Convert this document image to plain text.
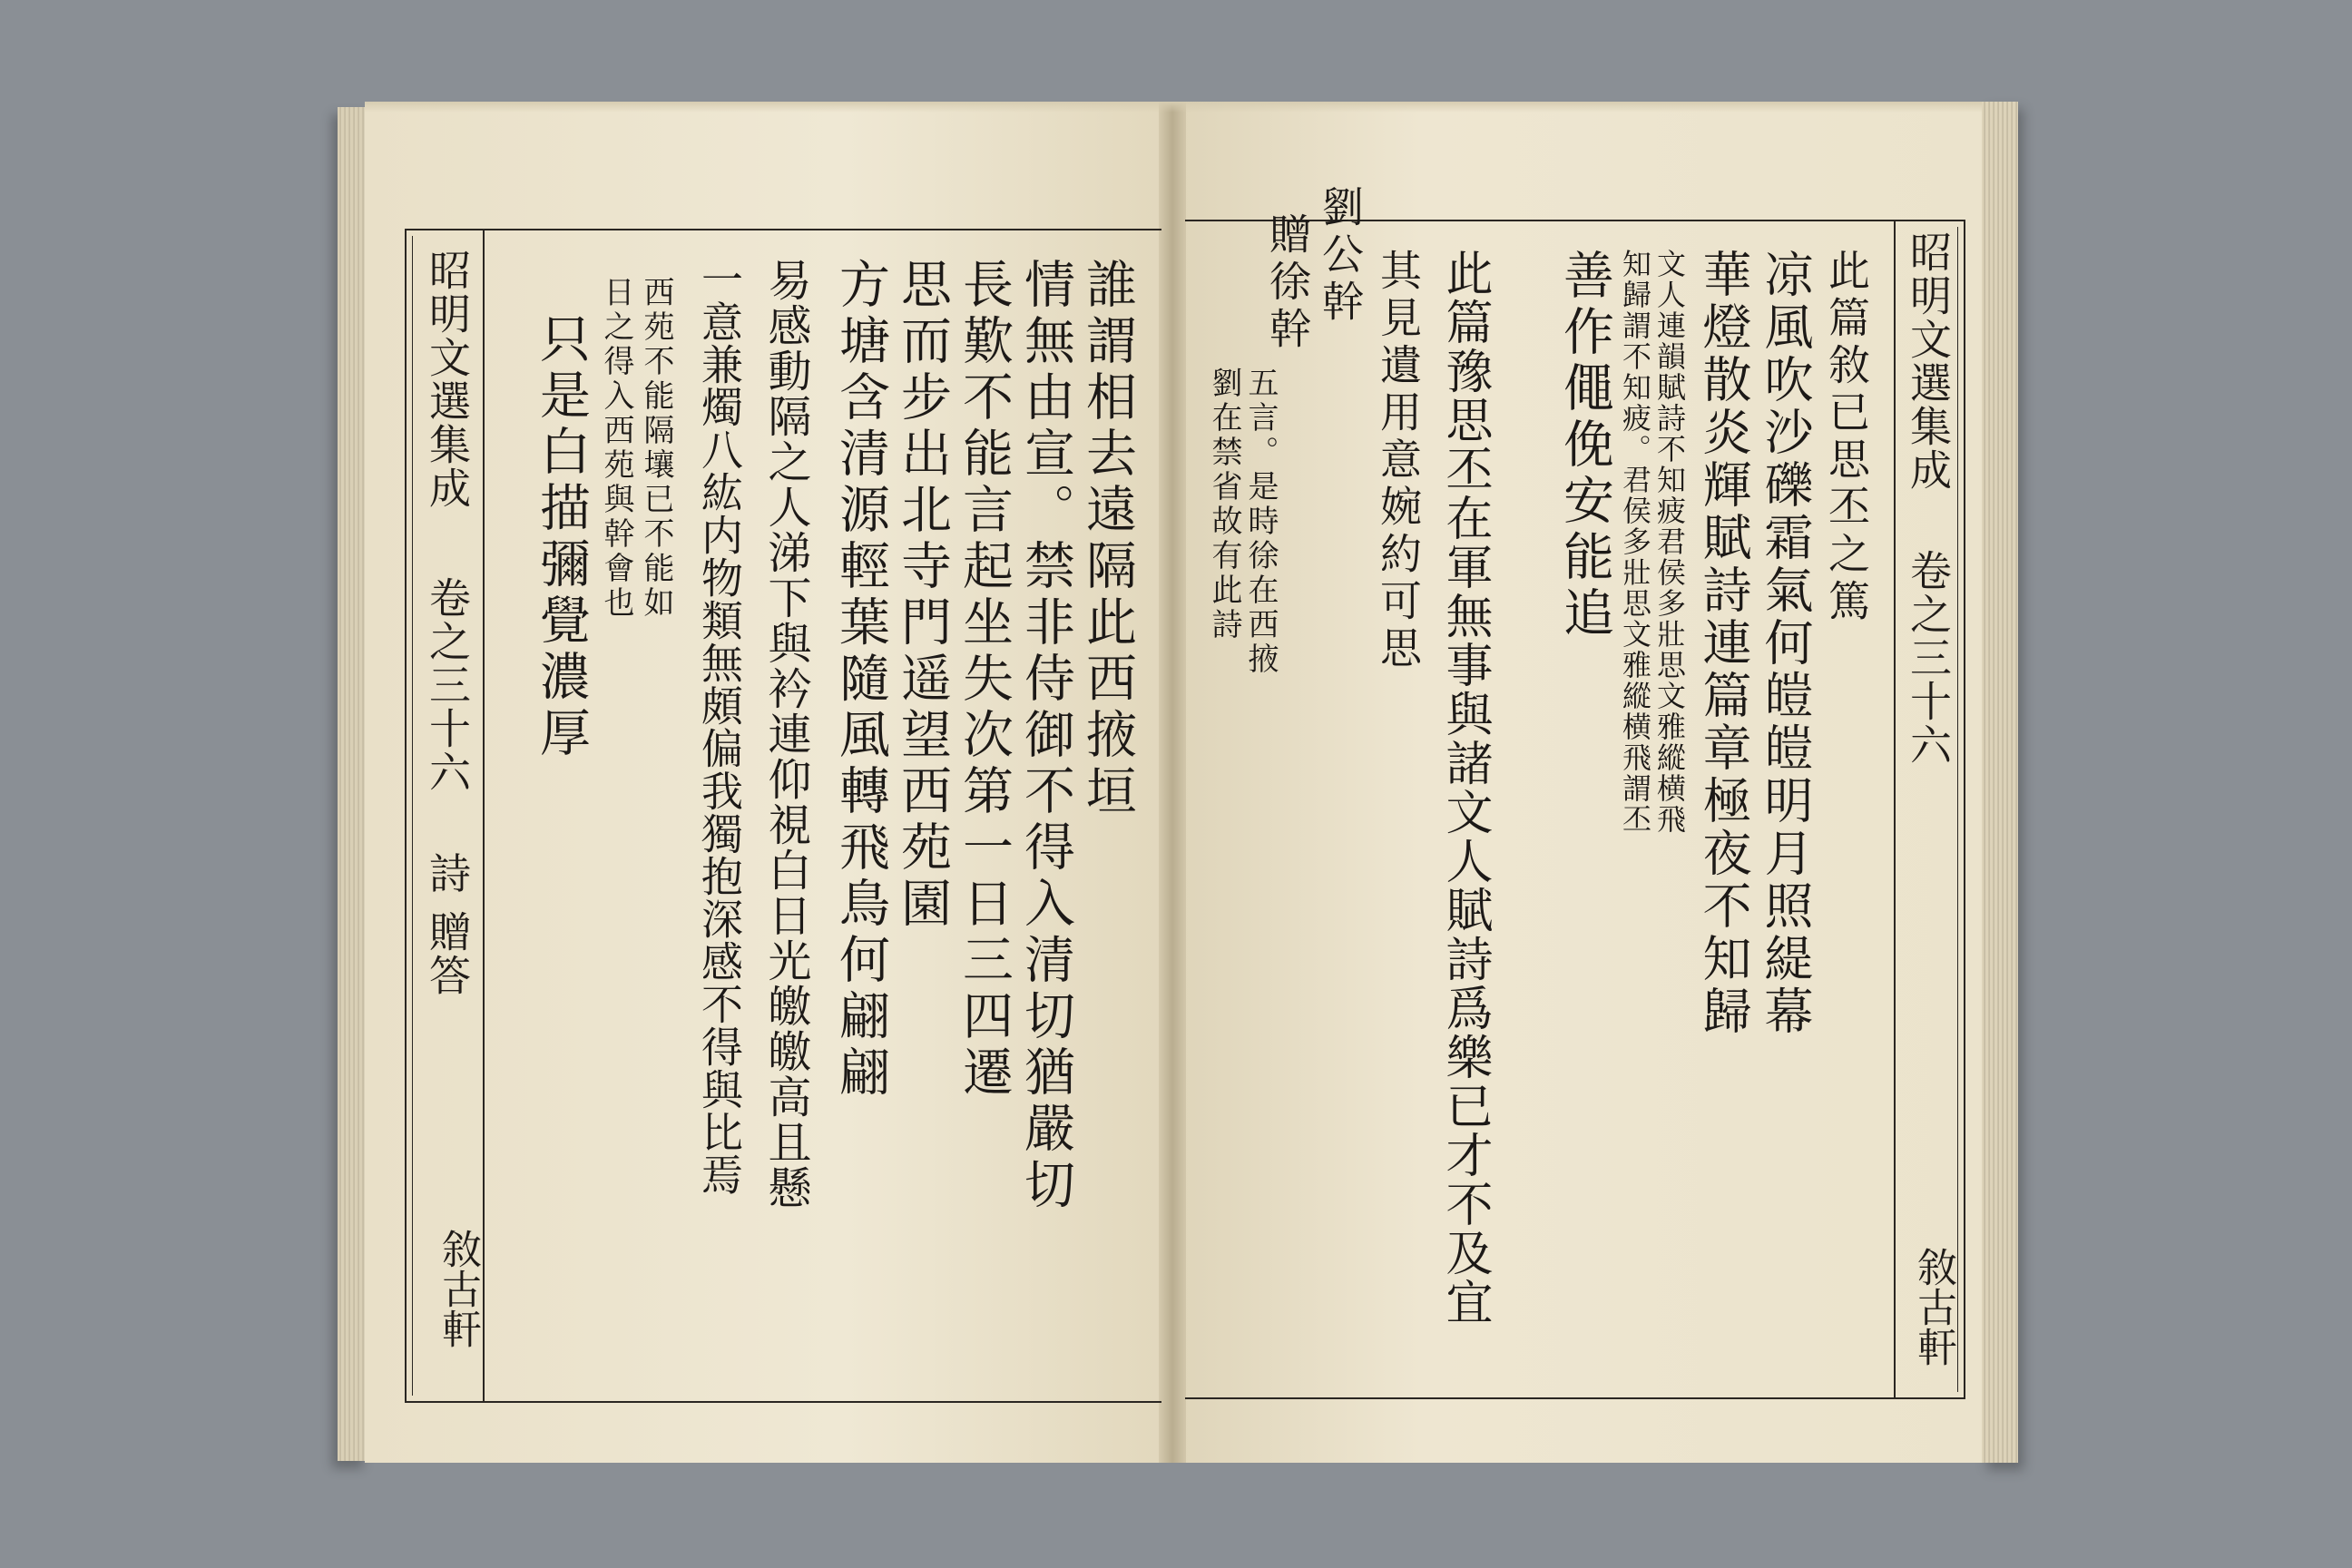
昭明文選集成  卷之三十六  詩 贈答
敘古軒
誰謂相去遠隔此西掖垣
情無由宣。禁非侍御不得入清切猶嚴切
長歎不能言起坐失次第一日三四遷
思而步出北寺門遥望西苑園
方塘含清源輕葉隨風轉飛鳥何翩翩
易感動隔之人涕下與衿連仰視白日光皦皦高且懸
一意兼燭八紘内物類無頗偏我獨抱深感不得與比焉
西苑不能隔壤已不能如
日之得入西苑與幹會也
只是白描彌覺濃厚	昭明文選集成  卷之三十六
敘古軒
此篇敘已思丕之篤
凉風吹沙礫霜氣何皚皚明月照緹幕
華燈散炎輝賦詩連篇章極夜不知歸
文人連韻賦詩不知疲君侯多壯思文雅縱横飛
知歸謂不知疲。君侯多壯思文雅縱横飛謂丕
善作僶俛安能追
此篇豫思丕在軍無事與諸文人賦詩爲樂已才不及宜
其見遺用意婉約可思
劉公幹
贈徐幹
五言。是時徐在西掖
劉在禁省故有此詩
